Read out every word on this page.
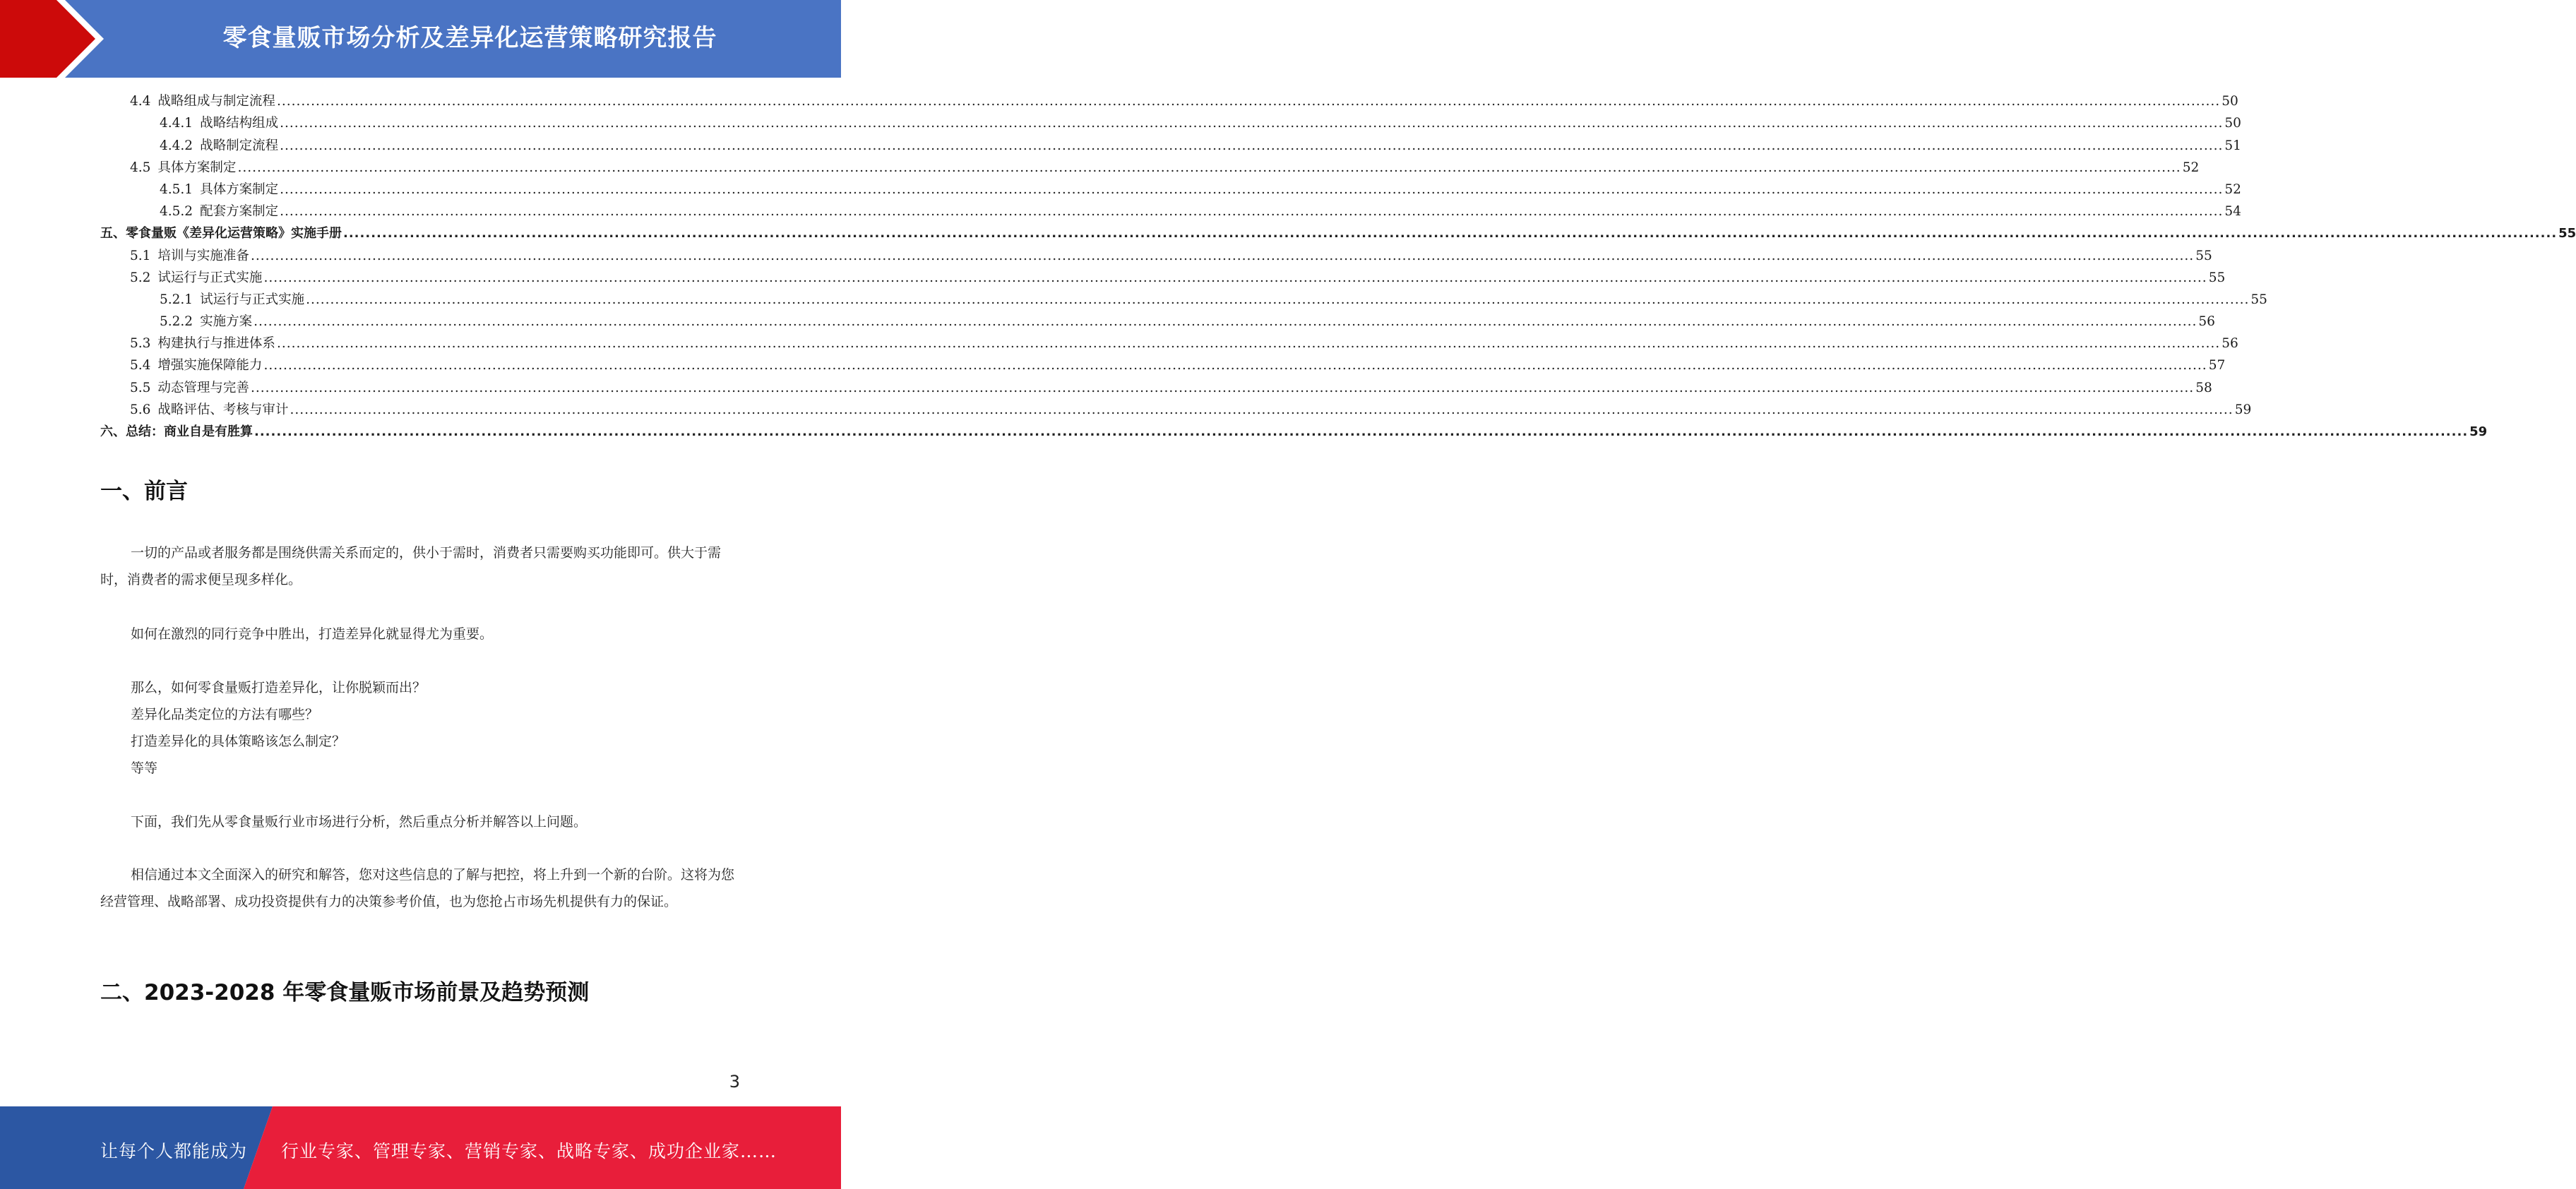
零食量贩市场分析及差异化运营策略研究报告
4.4 战略组成与制定流程 ................................................................................................................................................................................................................................................................................................................................................................................................................ 50
4.4.1 战略结构组成 ................................................................................................................................................................................................................................................................................................................................................................................................................ 50
4.4.2 战略制定流程 ................................................................................................................................................................................................................................................................................................................................................................................................................ 51
4.5 具体方案制定 ................................................................................................................................................................................................................................................................................................................................................................................................................ 52
4.5.1 具体方案制定 ................................................................................................................................................................................................................................................................................................................................................................................................................ 52
4.5.2 配套方案制定 ................................................................................................................................................................................................................................................................................................................................................................................................................ 54
五、零食量贩《差异化运营策略》实施手册 ................................................................................................................................................................................................................................................................................................................................................................................................................ 55
5.1 培训与实施准备 ................................................................................................................................................................................................................................................................................................................................................................................................................ 55
5.2 试运行与正式实施 ................................................................................................................................................................................................................................................................................................................................................................................................................ 55
5.2.1 试运行与正式实施 ................................................................................................................................................................................................................................................................................................................................................................................................................ 55
5.2.2 实施方案 ................................................................................................................................................................................................................................................................................................................................................................................................................ 56
5.3 构建执行与推进体系 ................................................................................................................................................................................................................................................................................................................................................................................................................ 56
5.4 增强实施保障能力 ................................................................................................................................................................................................................................................................................................................................................................................................................ 57
5.5 动态管理与完善 ................................................................................................................................................................................................................................................................................................................................................................................................................ 58
5.6 战略评估、考核与审计 ................................................................................................................................................................................................................................................................................................................................................................................................................ 59
六、总结：商业自是有胜算 ................................................................................................................................................................................................................................................................................................................................................................................................................ 59
一、前言
一切的产品或者服务都是围绕供需关系而定的，供小于需时，消费者只需要购买功能即可。供大于需时，消费者的需求便呈现多样化。
如何在激烈的同行竞争中胜出，打造差异化就显得尤为重要。
那么，如何零食量贩打造差异化，让你脱颖而出？
差异化品类定位的方法有哪些？
打造差异化的具体策略该怎么制定？
等等
下面，我们先从零食量贩行业市场进行分析，然后重点分析并解答以上问题。
相信通过本文全面深入的研究和解答，您对这些信息的了解与把控，将上升到一个新的台阶。这将为您经营管理、战略部署、成功投资提供有力的决策参考价值，也为您抢占市场先机提供有力的保证。
二、2023-2028 年零食量贩市场前景及趋势预测
3
让每个人都能成为 行业专家、管理专家、营销专家、战略专家、成功企业家……
